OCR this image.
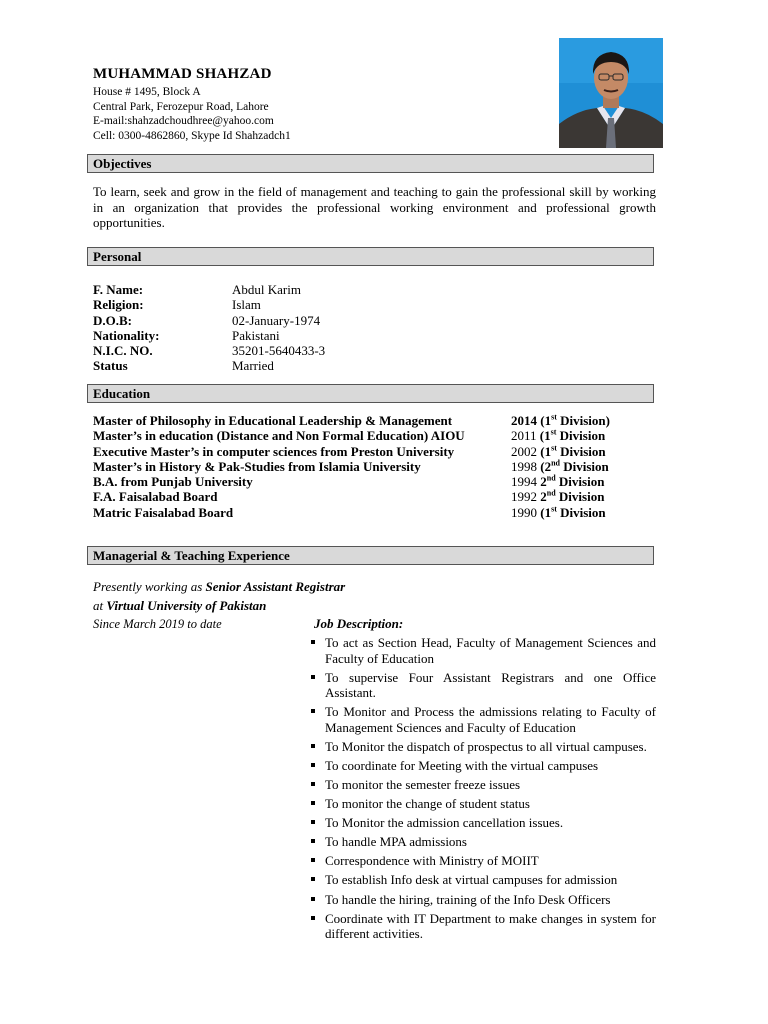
MUHAMMAD SHAHZAD
House # 1495, Block A
Central Park, Ferozepur Road, Lahore
E-mail:shahzadchoudhree@yahoo.com
Cell: 0300-4862860, Skype Id Shahzadch1
Objectives
To learn, seek and grow in the field of management and teaching to gain the professional skill by working in an organization that provides the professional working environment and professional growth opportunities.
Personal
F. Name:	Abdul Karim
Religion:	Islam
D.O.B:	02-January-1974
Nationality:	Pakistani
N.I.C. NO.	35201-5640433-3
Status	Married
Education
Master of Philosophy in Educational Leadership & Management	2014 (1st Division)
Master’s in education (Distance and Non Formal Education) AIOU	2011 (1st Division
Executive Master’s in computer sciences from Preston University	2002 (1st Division
Master’s in History & Pak-Studies from Islamia University	1998 (2nd Division
B.A. from Punjab University	1994 2nd Division
F.A. Faisalabad Board	1992 2nd Division
Matric Faisalabad Board	1990 (1st Division
Managerial & Teaching Experience
Presently working as Senior Assistant Registrar
at Virtual University of Pakistan
Since March 2019 to date	Job Description:
To act as Section Head, Faculty of Management Sciences and Faculty of Education
To supervise Four Assistant Registrars and one Office Assistant.
To Monitor and Process the admissions relating to Faculty of Management Sciences and Faculty of Education
To Monitor the dispatch of prospectus to all virtual campuses.
To coordinate for Meeting with the virtual campuses
To monitor the semester freeze issues
To monitor the change of student status
To Monitor the admission cancellation issues.
To handle MPA admissions
Correspondence with Ministry of MOIIT
To establish Info desk at virtual campuses for admission
To handle the hiring, training of the Info Desk Officers
Coordinate with IT Department to make changes in system for different activities.
